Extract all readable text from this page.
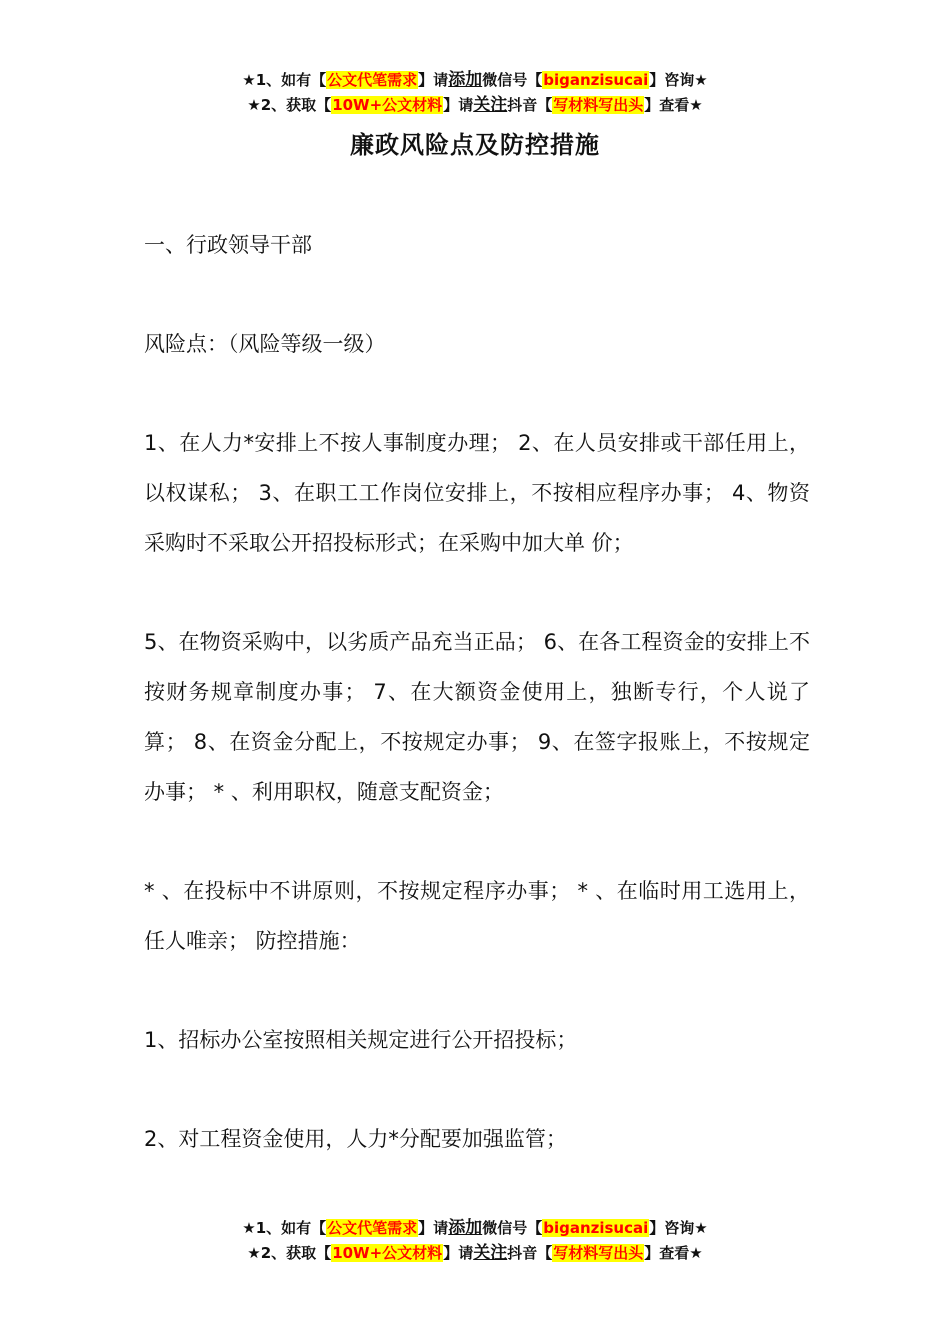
★1、如有【公文代笔需求】请添加微信号【biganzisucai】咨询★
★2、获取【10W+公文材料】请关注抖音【写材料写出头】查看★
廉政风险点及防控措施

一、行政领导干部

风险点：（风险等级一级）

1、在人力*安排上不按人事制度办理； 2、在人员安排或干部任用上，以权谋私； 3、在职工工作岗位安排上，不按相应程序办事； 4、物资采购时不采取公开招投标形式；在采购中加大单 价；

5、在物资采购中，以劣质产品充当正品； 6、在各工程资金的安排上不按财务规章制度办事； 7、在大额资金使用上，独断专行，个人说了算； 8、在资金分配上，不按规定办事； 9、在签字报账上，不按规定办事； * 、利用职权，随意支配资金；

* 、在投标中不讲原则，不按规定程序办事； * 、在临时用工选用上，任人唯亲； 防控措施：

1、招标办公室按照相关规定进行公开招投标；

2、对工程资金使用，人力*分配要加强监管；

★1、如有【公文代笔需求】请添加微信号【biganzisucai】咨询★
★2、获取【10W+公文材料】请关注抖音【写材料写出头】查看★
